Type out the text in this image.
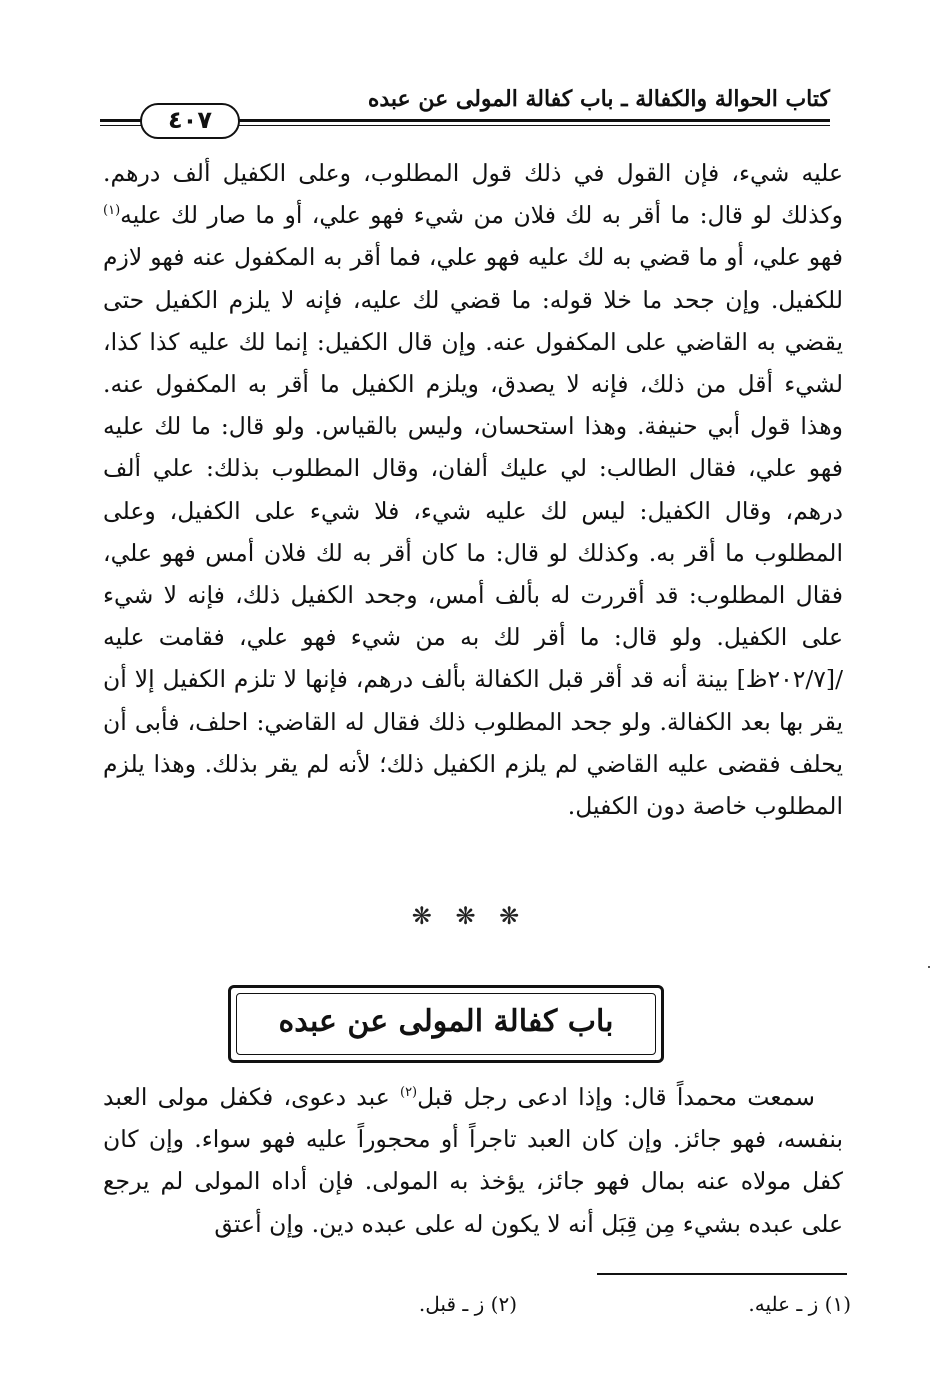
كتاب الحوالة والكفالة ـ باب كفالة المولى عن عبده
٤٠٧

عليه شيء، فإن القول في ذلك قول المطلوب، وعلى الكفيل ألف درهم. وكذلك لو قال: ما أقر به لك فلان من شيء فهو علي، أو ما صار لك عليه$^{(١)}$ فهو علي، أو ما قضي به لك عليه فهو علي، فما أقر به المكفول عنه فهو لازم للكفيل. وإن جحد ما خلا قوله: ما قضي لك عليه، فإنه لا يلزم الكفيل حتى يقضي به القاضي على المكفول عنه. وإن قال الكفيل: إنما لك عليه كذا كذا، لشيء أقل من ذلك، فإنه لا يصدق، ويلزم الكفيل ما أقر به المكفول عنه. وهذا قول أبي حنيفة. وهذا استحسان، وليس بالقياس. ولو قال: ما لك عليه فهو علي، فقال الطالب: لي عليك ألفان، وقال المطلوب بذلك: علي ألف درهم، وقال الكفيل: ليس لك عليه شيء، فلا شيء على الكفيل، وعلى المطلوب ما أقر به. وكذلك لو قال: ما كان أقر به لك فلان أمس فهو علي، فقال المطلوب: قد أقررت له بألف أمس، وجحد الكفيل ذلك، فإنه لا شيء على الكفيل. ولو قال: ما أقر لك به من شيء فهو علي، فقامت عليه /[٢٠٢/٧ظ] بينة أنه قد أقر قبل الكفالة بألف درهم، فإنها لا تلزم الكفيل إلا أن يقر بها بعد الكفالة. ولو جحد المطلوب ذلك فقال له القاضي: احلف، فأبى أن يحلف فقضى عليه القاضي لم يلزم الكفيل ذلك؛ لأنه لم يقر بذلك. وهذا يلزم المطلوب خاصة دون الكفيل.

❋ ❋ ❋
باب كفالة المولى عن عبده

سمعت محمداً قال: وإذا ادعى رجل قبل$^{(٢)}$ عبد دعوى، فكفل مولى العبد بنفسه، فهو جائز. وإن كان العبد تاجراً أو محجوراً عليه فهو سواء. وإن كان كفل مولاه عنه بمال فهو جائز، يؤخذ به المولى. فإن أداه المولى لم يرجع على عبده بشيء مِن قِبَل أنه لا يكون له على عبده دين. وإن أعتق

(١) ز ـ عليه.
(٢) ز ـ قبل.
